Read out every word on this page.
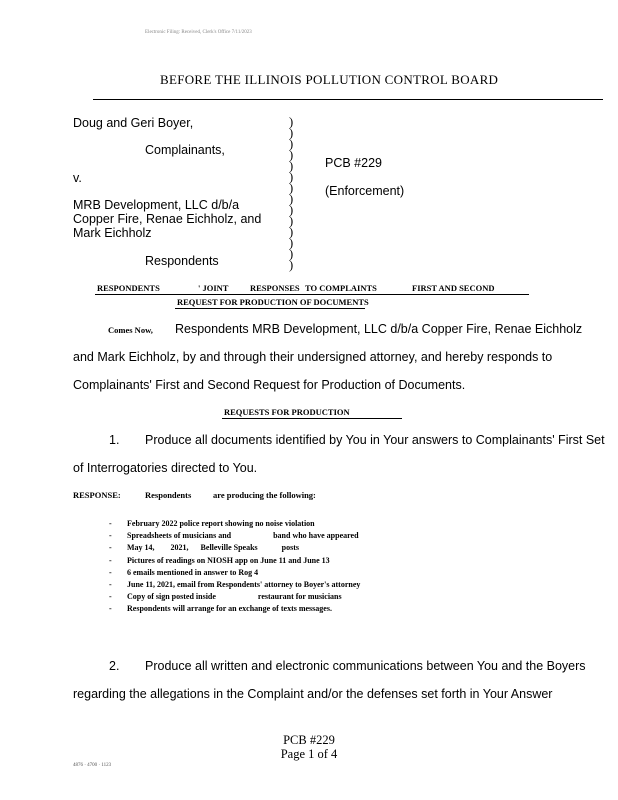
Electronic Filing: Received, Clerk's Office 7/11/2023
BEFORE THE ILLINOIS POLLUTION CONTROL BOARD
Doug and Geri Boyer,
Complainants,
v.
MRB Development, LLC d/b/a
Copper Fire, Renae Eichholz, and
Mark Eichholz
Respondents
)
)
)
)
)
)
)
)
)
)
)
)
)
)
PCB #229
(Enforcement)
RESPONDENTS	' JOINT	RESPONSES TO COMPLAINTS	FIRST AND SECOND
REQUEST FOR PRODUCTION OF DOCUMENTS
Comes Now, Respondents MRB Development, LLC d/b/a Copper Fire, Renae Eichholz
and Mark Eichholz, by and through their undersigned attorney, and hereby responds to
Complainants' First and Second Request for Production of Documents.
REQUESTS FOR PRODUCTION
1. Produce all documents identified by You in Your answers to Complainants' First Set
of Interrogatories directed to You.
RESPONSE:	Respondents	are producing the following:
-	February 2022 police report showing no noise violation
-	Spreadsheets of musicians and                     band who have appeared
-	May 14,        2021,      Belleville Speaks            posts
-	Pictures of readings on NIOSH app on June 11 and June 13
-	6 emails mentioned in answer to Rog 4
-	June 11, 2021, email from Respondents' attorney to Boyer's attorney
-	Copy of sign posted inside                     restaurant for musicians
-	Respondents will arrange for an exchange of texts messages.
2. Produce all written and electronic communications between You and the Boyers
regarding the allegations in the Complaint and/or the defenses set forth in Your Answer
PCB #229
Page 1 of 4
4876 · 4700 · 1123
